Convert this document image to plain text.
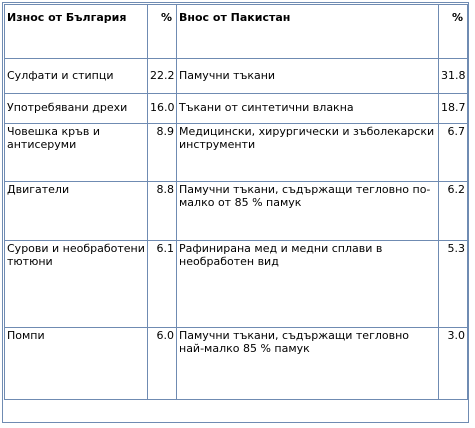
Износ от България	%	Внос от Пакистан	%
Сулфати и стипци	22.2	Памучни тъкани	31.8
Употребявани дрехи	16.0	Тъкани от синтетични влакна	18.7
Човешка кръв и антисеруми	8.9	Медицински, хирургически и зъболекарски инструменти	6.7
Двигатели	8.8	Памучни тъкани, съдържащи тегловно по-малко от 85 % памук	6.2
Сурови и необработени тютюни	6.1	Рафинирана мед и медни сплави в необработен вид	5.3
Помпи	6.0	Памучни тъкани, съдържащи тегловно най-малко 85 % памук	3.0
